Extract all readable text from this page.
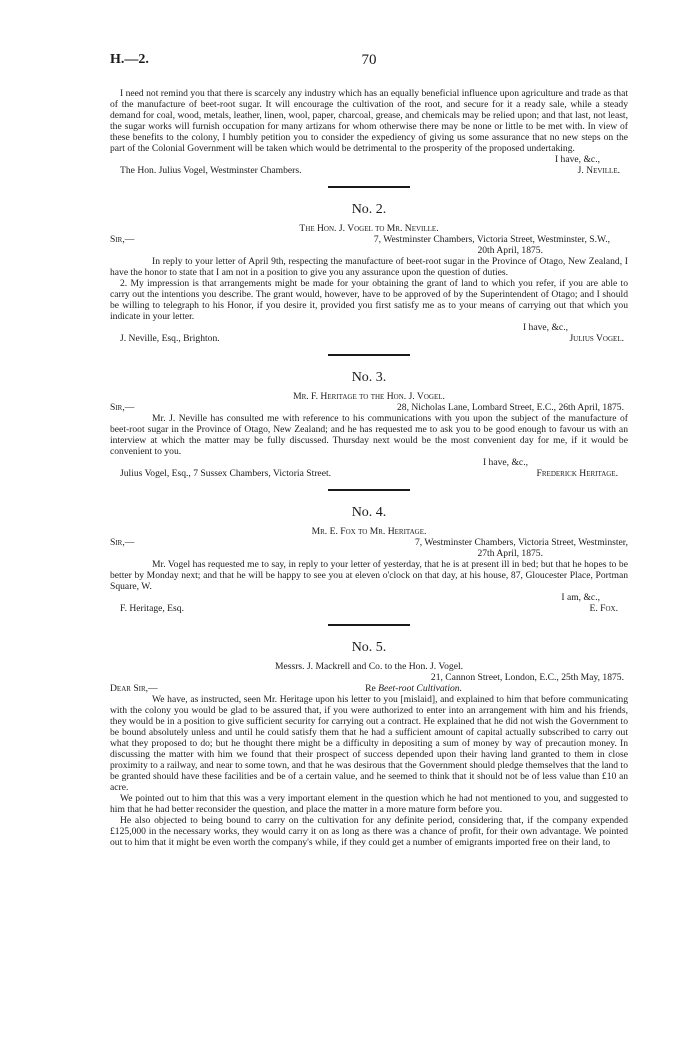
H.—2.	70

I need not remind you that there is scarcely any industry which has an equally beneficial influence upon agriculture and trade as that of the manufacture of beet-root sugar. It will encourage the cultivation of the root, and secure for it a ready sale, while a steady demand for coal, wood, metals, leather, linen, wool, paper, charcoal, grease, and chemicals may be relied upon; and that last, not least, the sugar works will furnish occupation for many artizans for whom otherwise there may be none or little to be met with. In view of these benefits to the colony, I humbly petition you to consider the expediency of giving us some assurance that no new steps on the part of the Colonial Government will be taken which would be detrimental to the prosperity of the proposed undertaking.

I have, &c.,
The Hon. Julius Vogel, Westminster Chambers.	J. Neville.
No. 2.
The Hon. J. Vogel to Mr. Neville.
Sir,—	7, Westminster Chambers, Victoria Street, Westminster, S.W.,
20th April, 1875.

In reply to your letter of April 9th, respecting the manufacture of beet-root sugar in the Province of Otago, New Zealand, I have the honor to state that I am not in a position to give you any assurance upon the question of duties.

2. My impression is that arrangements might be made for your obtaining the grant of land to which you refer, if you are able to carry out the intentions you describe. The grant would, however, have to be approved of by the Superintendent of Otago; and I should be willing to telegraph to his Honor, if you desire it, provided you first satisfy me as to your means of carrying out that which you indicate in your letter.

I have, &c.,
J. Neville, Esq., Brighton.	Julius Vogel.
No. 3.
Mr. F. Heritage to the Hon. J. Vogel.
Sir,—	28, Nicholas Lane, Lombard Street, E.C., 26th April, 1875.

Mr. J. Neville has consulted me with reference to his communications with you upon the subject of the manufacture of beet-root sugar in the Province of Otago, New Zealand; and he has requested me to ask you to be good enough to favour us with an interview at which the matter may be fully discussed. Thursday next would be the most convenient day for me, if it would be convenient to you.

I have, &c.,
Julius Vogel, Esq., 7 Sussex Chambers, Victoria Street.	Frederick Heritage.
No. 4.
Mr. E. Fox to Mr. Heritage.
Sir,—	7, Westminster Chambers, Victoria Street, Westminster,
27th April, 1875.

Mr. Vogel has requested me to say, in reply to your letter of yesterday, that he is at present ill in bed; but that he hopes to be better by Monday next; and that he will be happy to see you at eleven o'clock on that day, at his house, 87, Gloucester Place, Portman Square, W.

I am, &c.,
F. Heritage, Esq.	E. Fox.
No. 5.
Messrs. J. Mackrell and Co. to the Hon. J. Vogel.
21, Cannon Street, London, E.C., 25th May, 1875.
Dear Sir,—	Re Beet-root Cultivation.

We have, as instructed, seen Mr. Heritage upon his letter to you [mislaid], and explained to him that before communicating with the colony you would be glad to be assured that, if you were authorized to enter into an arrangement with him and his friends, they would be in a position to give sufficient security for carrying out a contract. He explained that he did not wish the Government to be bound absolutely unless and until he could satisfy them that he had a sufficient amount of capital actually subscribed to carry out what they proposed to do; but he thought there might be a difficulty in depositing a sum of money by way of precaution money. In discussing the matter with him we found that their prospect of success depended upon their having land granted to them in close proximity to a railway, and near to some town, and that he was desirous that the Government should pledge themselves that the land to be granted should have these facilities and be of a certain value, and he seemed to think that it should not be of less value than £10 an acre.

We pointed out to him that this was a very important element in the question which he had not mentioned to you, and suggested to him that he had better reconsider the question, and place the matter in a more mature form before you.

He also objected to being bound to carry on the cultivation for any definite period, considering that, if the company expended £125,000 in the necessary works, they would carry it on as long as there was a chance of profit, for their own advantage. We pointed out to him that it might be even worth the company's while, if they could get a number of emigrants imported free on their land, to
